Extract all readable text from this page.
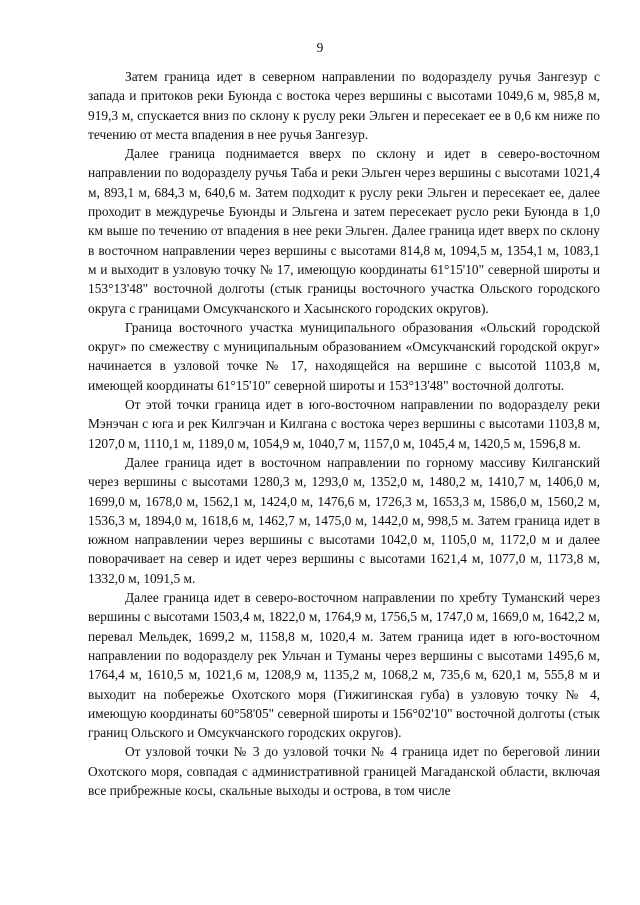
9

Затем граница идет в северном направлении по водоразделу ручья Зангезур с запада и притоков реки Буюнда с востока через вершины с высотами 1049,6 м, 985,8 м, 919,3 м, спускается вниз по склону к руслу реки Эльген и пересекает ее в 0,6 км ниже по течению от места впадения в нее ручья Зангезур.

Далее граница поднимается вверх по склону и идет в северо-восточном направлении по водоразделу ручья Таба и реки Эльген через вершины с высотами 1021,4 м, 893,1 м, 684,3 м, 640,6 м. Затем подходит к руслу реки Эльген и пересекает ее, далее проходит в междуречье Буюнды и Эльгена и затем пересекает русло реки Буюнда в 1,0 км выше по течению от впадения в нее реки Эльген. Далее граница идет вверх по склону в восточном направлении через вершины с высотами 814,8 м, 1094,5 м, 1354,1 м, 1083,1 м и выходит в узловую точку № 17, имеющую координаты 61°15'10" северной широты и 153°13'48" восточной долготы (стык границы восточного участка Ольского городского округа с границами Омсукчанского и Хасынского городских округов).

Граница восточного участка муниципального образования «Ольский городской округ» по смежеству с муниципальным образованием «Омсукчанский городской округ» начинается в узловой точке № 17, находящейся на вершине с высотой 1103,8 м, имеющей координаты 61°15'10" северной широты и 153°13'48" восточной долготы.

От этой точки граница идет в юго-восточном направлении по водоразделу реки Мэнэчан с юга и рек Килгэчан и Килгана с востока через вершины с высотами 1103,8 м, 1207,0 м, 1110,1 м, 1189,0 м, 1054,9 м, 1040,7 м, 1157,0 м, 1045,4 м, 1420,5 м, 1596,8 м.

Далее граница идет в восточном направлении по горному массиву Килганский через вершины с высотами 1280,3 м, 1293,0 м, 1352,0 м, 1480,2 м, 1410,7 м, 1406,0 м, 1699,0 м, 1678,0 м, 1562,1 м, 1424,0 м, 1476,6 м, 1726,3 м, 1653,3 м, 1586,0 м, 1560,2 м, 1536,3 м, 1894,0 м, 1618,6 м, 1462,7 м, 1475,0 м, 1442,0 м, 998,5 м. Затем граница идет в южном направлении через вершины с высотами 1042,0 м, 1105,0 м, 1172,0 м и далее поворачивает на север и идет через вершины с высотами 1621,4 м, 1077,0 м, 1173,8 м, 1332,0 м, 1091,5 м.

Далее граница идет в северо-восточном направлении по хребту Туманский через вершины с высотами 1503,4 м, 1822,0 м, 1764,9 м, 1756,5 м, 1747,0 м, 1669,0 м, 1642,2 м, перевал Мельдек, 1699,2 м, 1158,8 м, 1020,4 м. Затем граница идет в юго-восточном направлении по водоразделу рек Ульчан и Туманы через вершины с высотами 1495,6 м, 1764,4 м, 1610,5 м, 1021,6 м, 1208,9 м, 1135,2 м, 1068,2 м, 735,6 м, 620,1 м, 555,8 м и выходит на побережье Охотского моря (Гижигинская губа) в узловую точку № 4, имеющую координаты 60°58'05" северной широты и 156°02'10" восточной долготы (стык границ Ольского и Омсукчанского городских округов).

От узловой точки № 3 до узловой точки № 4 граница идет по береговой линии Охотского моря, совпадая с административной границей Магаданской области, включая все прибрежные косы, скальные выходы и острова, в том числе
